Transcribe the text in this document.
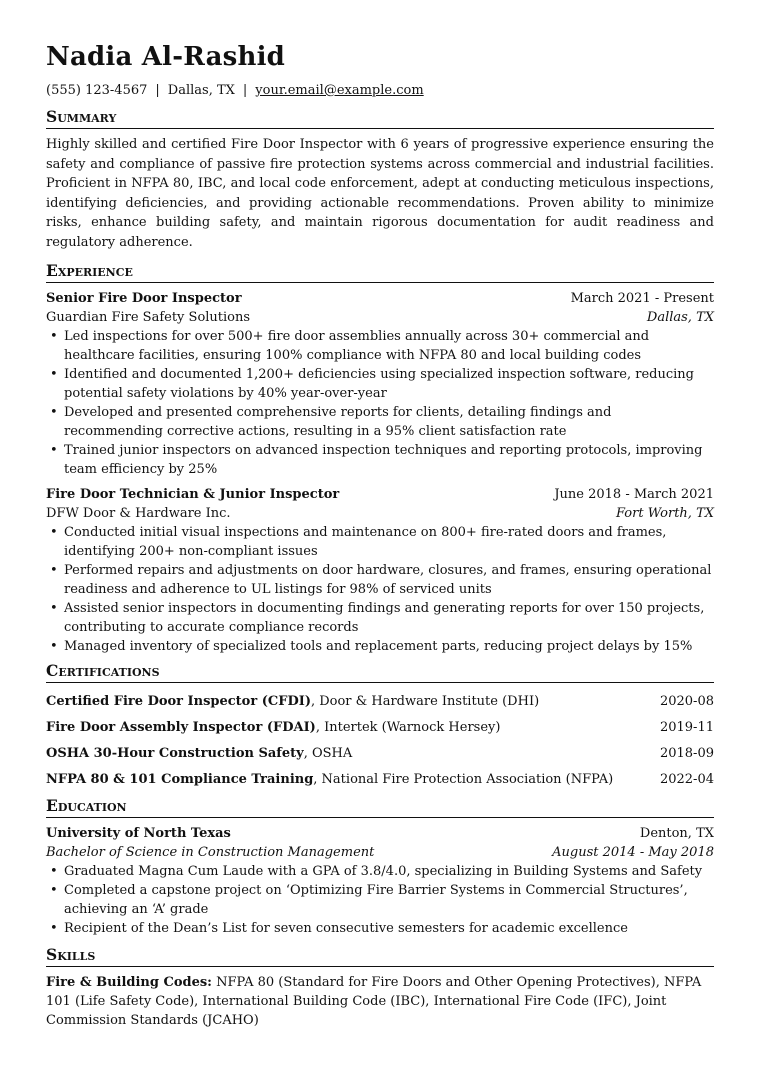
Nadia Al-Rashid
(555) 123-4567 | Dallas, TX | your.email@example.com
Summary
Highly skilled and certified Fire Door Inspector with 6 years of progressive experience ensuring the safety and compliance of passive fire protection systems across commercial and industrial facilities. Proficient in NFPA 80, IBC, and local code enforcement, adept at conducting meticulous inspections, identifying deficiencies, and providing actionable recommendations. Proven ability to minimize risks, enhance building safety, and maintain rigorous documentation for audit readiness and regulatory adherence.
Experience
Senior Fire Door Inspector	March 2021 - Present
Guardian Fire Safety Solutions	Dallas, TX
• Led inspections for over 500+ fire door assemblies annually across 30+ commercial and healthcare facilities, ensuring 100% compliance with NFPA 80 and local building codes
• Identified and documented 1,200+ deficiencies using specialized inspection software, reducing potential safety violations by 40% year-over-year
• Developed and presented comprehensive reports for clients, detailing findings and recommending corrective actions, resulting in a 95% client satisfaction rate
• Trained junior inspectors on advanced inspection techniques and reporting protocols, improving team efficiency by 25%
Fire Door Technician & Junior Inspector	June 2018 - March 2021
DFW Door & Hardware Inc.	Fort Worth, TX
• Conducted initial visual inspections and maintenance on 800+ fire-rated doors and frames, identifying 200+ non-compliant issues
• Performed repairs and adjustments on door hardware, closures, and frames, ensuring operational readiness and adherence to UL listings for 98% of serviced units
• Assisted senior inspectors in documenting findings and generating reports for over 150 projects, contributing to accurate compliance records
• Managed inventory of specialized tools and replacement parts, reducing project delays by 15%
Certifications
Certified Fire Door Inspector (CFDI), Door & Hardware Institute (DHI)	2020-08
Fire Door Assembly Inspector (FDAI), Intertek (Warnock Hersey)	2019-11
OSHA 30-Hour Construction Safety, OSHA	2018-09
NFPA 80 & 101 Compliance Training, National Fire Protection Association (NFPA)	2022-04
Education
University of North Texas	Denton, TX
Bachelor of Science in Construction Management	August 2014 - May 2018
• Graduated Magna Cum Laude with a GPA of 3.8/4.0, specializing in Building Systems and Safety
• Completed a capstone project on ‘Optimizing Fire Barrier Systems in Commercial Structures’, achieving an ‘A’ grade
• Recipient of the Dean’s List for seven consecutive semesters for academic excellence
Skills
Fire & Building Codes: NFPA 80 (Standard for Fire Doors and Other Opening Protectives), NFPA 101 (Life Safety Code), International Building Code (IBC), International Fire Code (IFC), Joint Commission Standards (JCAHO)
